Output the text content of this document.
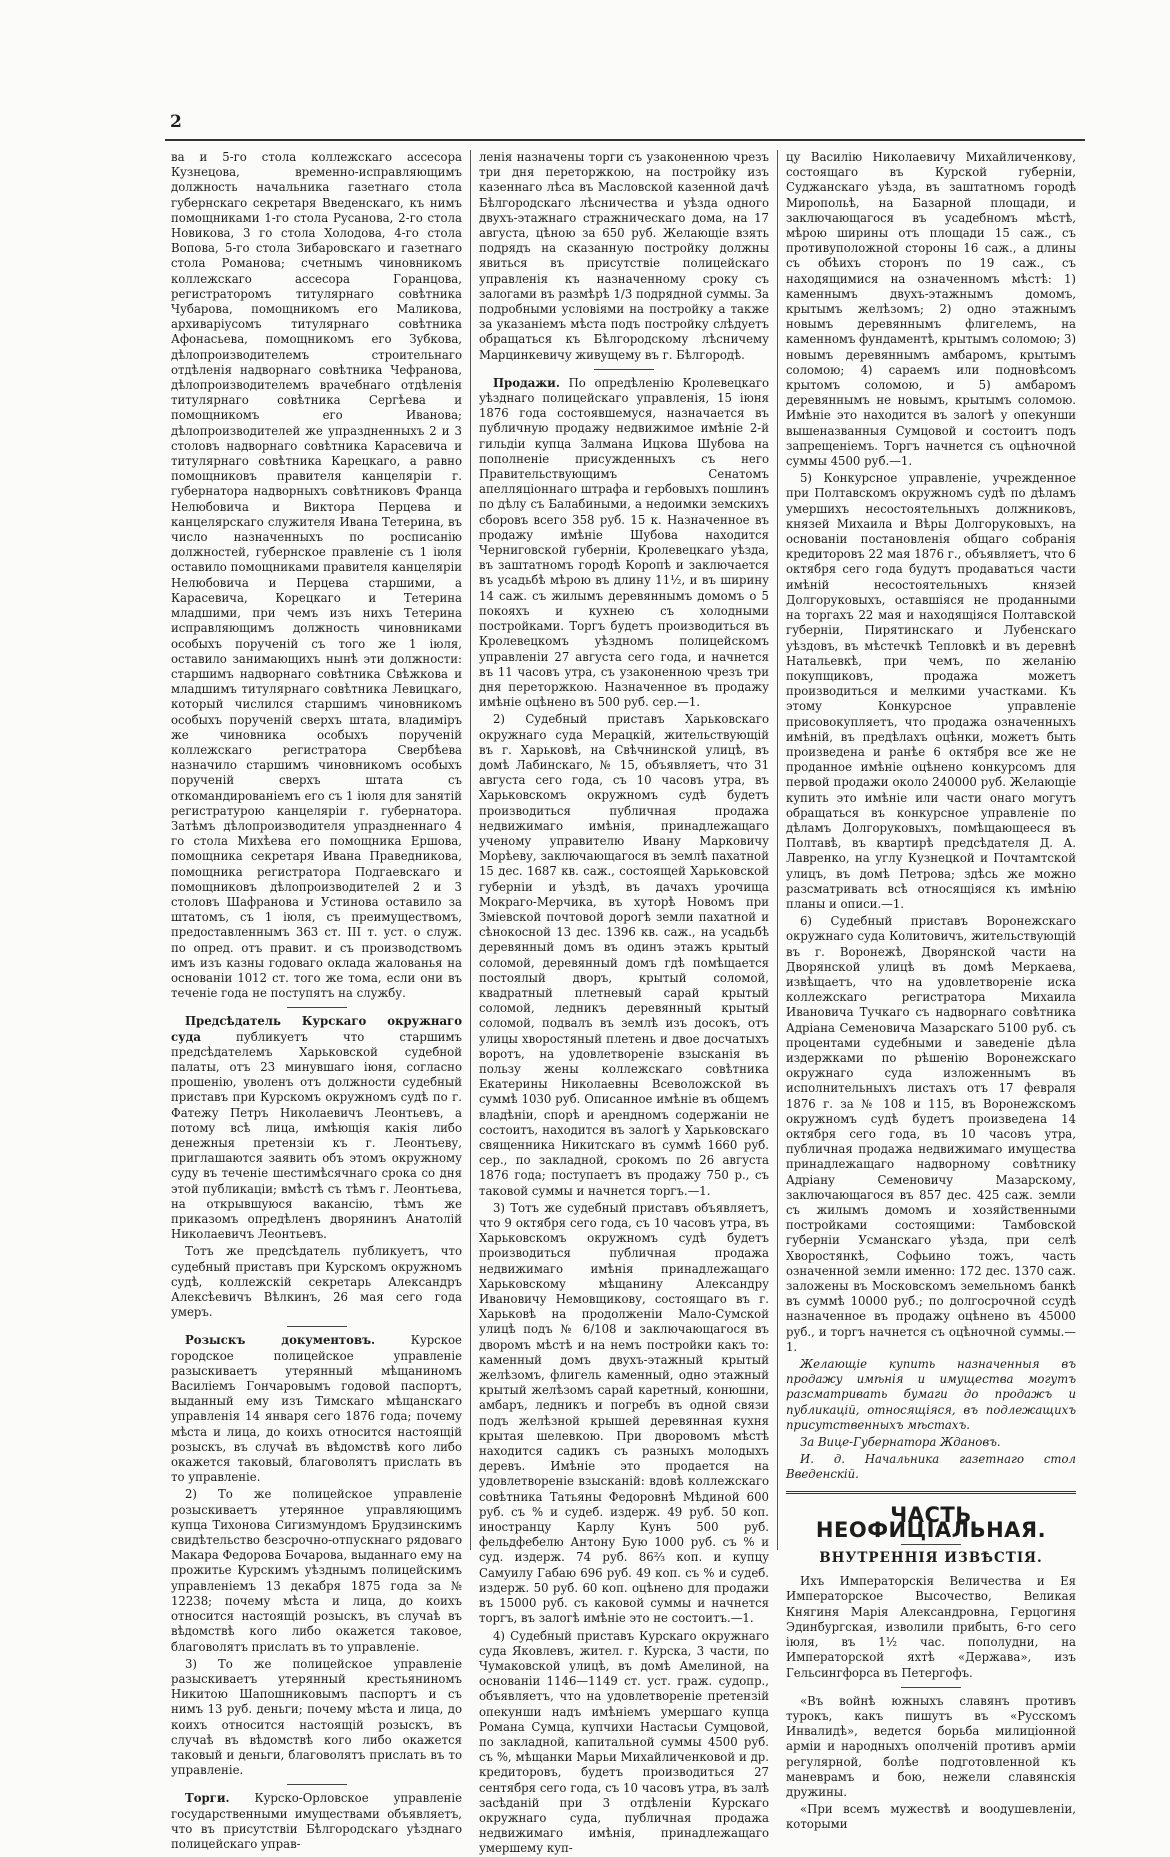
2

ва и 5-го стола коллежскаго ассесора Кузнецова, временно-исправляющимъ должность начальника газетнаго стола губернскаго секретаря Введенскаго, къ нимъ помощниками 1-го стола Русанова, 2-го стола Новикова, 3 го стола Холодова, 4-го стола Вопова, 5-го стола Зибаровскаго и газетнаго стола Романова; счетнымъ чиновникомъ коллежскаго ассесора Горанцова, регистраторомъ титулярнаго совѣтника Чубарова, помощникомъ его Маликова, архиваріусомъ титулярнаго совѣтника Афонасьева, помощникомъ его Зубкова, дѣлопроизводителемъ строительнаго отдѣленія надворнаго совѣтника Чефранова, дѣлопроизводителемъ врачебнаго отдѣленія титулярнаго совѣтника Сергѣева и помощникомъ его Иванова; дѣлопроизводителей же упраздненныхъ 2 и 3 столовъ надворнаго совѣтника Карасевича и титулярнаго совѣтника Карецкаго, а равно помощниковъ правителя канцеляріи г. губернатора надворныхъ совѣтниковъ Франца Нелюбовича и Виктора Перцева и канцелярскаго служителя Ивана Тетерина, въ число назначенныхъ по росписанію должностей, губернское правленіе съ 1 іюля оставило помощниками правителя канцеляріи Нелюбовича и Перцева старшими, а Карасевича, Корецкаго и Тетерина младшими, при чемъ изъ нихъ Тетерина исправляющимъ должность чиновниками особыхъ порученій съ того же 1 іюля, оставило занимающихъ нынѣ эти должности: старшимъ надворнаго совѣтника Свѣжкова и младшимъ титулярнаго совѣтника Левицкаго, который числился старшимъ чиновникомъ особыхъ порученій сверхъ штата, владиміръ же чиновника особыхъ порученій коллежскаго регистратора Свербѣева назначило старшимъ чиновникомъ особыхъ порученій сверхъ штата съ откомандированіемъ его съ 1 іюля для занятій регистратурою канцеляріи г. губернатора. Затѣмъ дѣлопроизводителя упраздненнаго 4 го стола Михѣева его помощника Ершова, помощника секретаря Ивана Праведникова, помощника регистратора Подгаевскаго и помощниковъ дѣлопроизводителей 2 и 3 столовъ Шафранова и Устинова оставило за штатомъ, съ 1 іюля, съ преимуществомъ, предоставленнымъ 363 ст. III т. уст. о служ. по опред. отъ правит. и съ производствомъ имъ изъ казны годоваго оклада жалованья на основаніи 1012 ст. того же тома, если они въ теченіе года не поступятъ на службу.

Предсѣдатель Курскаго окружнаго суда публикуетъ что старшимъ предсѣдателемъ Харьковской судебной палаты, отъ 23 минувшаго іюня, согласно прошенію, уволенъ отъ должности судебный приставъ при Курскомъ окружномъ судѣ по г. Фатежу Петръ Николаевичъ Леонтьевъ, а потому всѣ лица, имѣющія какія либо денежныя претензіи къ г. Леонтьеву, приглашаются заявить объ этомъ окружному суду въ теченіе шестимѣсячнаго срока со дня этой публикаціи; вмѣстѣ съ тѣмъ г. Леонтьева, на открывшуюся вакансію, тѣмъ же приказомъ опредѣленъ дворянинъ Анатолій Николаевичъ Леонтьевъ.

Тотъ же предсѣдатель публикуетъ, что судебный приставъ при Курскомъ окружномъ судѣ, коллежскій секретарь Александръ Алексѣевичъ Вѣлкинъ, 26 мая сего года умеръ.

Розыскъ документовъ. Курское городское полицейское управленіе разыскиваетъ утерянный мѣщаниномъ Василіемъ Гончаровымъ годовой паспортъ, выданный ему изъ Тимскаго мѣщанскаго управленія 14 января сего 1876 года; почему мѣста и лица, до коихъ относится настоящій розыскъ, въ случаѣ въ вѣдомствѣ кого либо окажется таковый, благоволятъ прислать въ то управленіе.

2) То же полицейское управленіе розыскиваетъ утерянное управляющимъ купца Тихонова Сигизмундомъ Брудзинскимъ свидѣтельство безсрочно-отпускнаго рядоваго Макара Федорова Бочарова, выданнаго ему на прожитье Курскимъ уѣзднымъ полицейскимъ управленіемъ 13 декабря 1875 года за № 12238; почему мѣста и лица, до коихъ относится настоящій розыскъ, въ случаѣ въ вѣдомствѣ кого либо окажется таковое, благоволятъ прислать въ то управленіе.

3) То же полицейское управленіе разыскиваетъ утерянный крестьяниномъ Никитою Шапошниковымъ паспортъ и съ нимъ 13 руб. деньги; почему мѣста и лица, до коихъ относится настоящій розыскъ, въ случаѣ въ вѣдомствѣ кого либо окажется таковый и деньги, благоволятъ прислать въ то управленіе.

Торги. Курско-Орловское управленіе государственными имуществами объявляетъ, что въ присутствіи Бѣлгородскаго уѣзднаго полицейскаго управ-

ленія назначены торги съ узаконенною чрезъ три дня переторжкою, на постройку изъ казеннаго лѣса въ Масловской казенной дачѣ Бѣлгородскаго лѣсничества и уѣзда одного двухъ-этажнаго стражническаго дома, на 17 августа, цѣною за 650 руб. Желающіе взять подрядъ на сказанную постройку должны явиться въ присутствіе полицейскаго управленія къ назначенному сроку съ залогами въ размѣрѣ 1/3 подрядной суммы. За подробными условіями на постройку а также за указаніемъ мѣста подъ постройку слѣдуетъ обращаться къ Бѣлгородскому лѣсничему Марцинкевичу живущему въ г. Бѣлгородѣ.

Продажи. По опредѣленію Кролевецкаго уѣзднаго полицейскаго управленія, 15 іюня 1876 года состоявшемуся, назначается въ публичную продажу недвижимое имѣніе 2-й гильдіи купца Залмана Ицкова Шубова на пополненіе присужденныхъ съ него Правительствующимъ Сенатомъ апелляціоннаго штрафа и гербовыхъ пошлинъ по дѣлу съ Балабиными, а недоимки земскихъ сборовъ всего 358 руб. 15 к. Назначенное въ продажу имѣніе Шубова находится Черниговской губерніи, Кролевецкаго уѣзда, въ заштатномъ городѣ Коропѣ и заключается въ усадьбѣ мѣрою въ длину 11½, и въ ширину 14 саж. съ жилымъ деревяннымъ домомъ о 5 покояхъ и кухнею съ холодными постройками. Торгъ будетъ производиться въ Кролевецкомъ уѣздномъ полицейскомъ управленіи 27 августа сего года, и начнется въ 11 часовъ утра, съ узаконенною чрезъ три дня переторжкою. Назначенное въ продажу имѣніе оцѣнено въ 500 руб. сер.—1.

2) Судебный приставъ Харьковскаго окружнаго суда Мерацкій, жительствующій въ г. Харьковѣ, на Свѣчнинской улицѣ, въ домѣ Лабинскаго, № 15, объявляетъ, что 31 августа сего года, съ 10 часовъ утра, въ Харьковскомъ окружномъ судѣ будетъ производиться публичная продажа недвижимаго имѣнія, принадлежащаго ученому управителю Ивану Марковичу Морѣеву, заключающагося въ землѣ пахатной 15 дес. 1687 кв. саж., состоящей Харьковской губерніи и уѣздѣ, въ дачахъ урочища Мокраго-Мерчика, въ хуторѣ Новомъ при Змiевской почтовой дорогѣ земли пахатной и сѣнокосной 13 дес. 1396 кв. саж., на усадьбѣ деревянный домъ въ одинъ этажъ крытый соломой, деревянный домъ гдѣ помѣщается постоялый дворъ, крытый соломой, квадратный плетневый сарай крытый соломой, ледникъ деревянный крытый соломой, подвалъ въ землѣ изъ досокъ, отъ улицы хворостяный плетень и двое досчатыхъ воротъ, на удовлетвореніе взысканія въ пользу жены коллежскаго совѣтника Екатерины Николаевны Всеволожской въ суммѣ 1030 руб. Описанное имѣніе въ общемъ владѣніи, спорѣ и арендномъ содержаніи не состоитъ, находится въ залогѣ у Харьковскаго священника Никитскаго въ суммѣ 1660 руб. сер., по закладной, срокомъ по 26 августа 1876 года; поступаетъ въ продажу 750 р., съ таковой суммы и начнется торгъ.—1.

3) Тотъ же судебный приставъ объявляетъ, что 9 октября сего года, съ 10 часовъ утра, въ Харьковскомъ окружномъ судѣ будетъ производиться публичная продажа недвижимаго имѣнія принадлежащаго Харьковскому мѣщанину Александру Ивановичу Немовщикову, состоящаго въ г. Харьковѣ на продолженіи Мало-Сумской улицѣ подъ № 6/108 и заключающагося въ дворомъ мѣстѣ и на немъ постройки какъ то: каменный домъ двухъ-этажный крытый желѣзомъ, флигель каменный, одно этажный крытый желѣзомъ сарай каретный, конюшни, амбаръ, ледникъ и погребъ въ одной связи подъ желѣзной крышей деревянная кухня крытая шелевкою. При дворовомъ мѣстѣ находится садикъ съ разныхъ молодыхъ деревъ. Имѣніе это продается на удовлетвореніе взысканій: вдовѣ коллежскаго совѣтника Татьяны Федоровнѣ Мѣдиной 600 руб. съ % и судеб. издерж. 49 руб. 50 коп. иностранцу Карлу Кунъ 500 руб. фельдфебелю Антону Бую 1000 руб. съ % и суд. издерж. 74 руб. 86⅔ коп. и купцу Самуилу Габаю 696 руб. 49 коп. съ % и судеб. издерж. 50 руб. 60 коп. оцѣнено для продажи въ 15000 руб. съ каковой суммы и начнется торгъ, въ залогѣ имѣніе это не состоитъ.—1.

4) Судебный приставъ Курскаго окружнаго суда Яковлевъ, жител. г. Курска, 3 части, по Чумаковской улицѣ, въ домѣ Амелиной, на основаніи 1146—1149 ст. уст. граж. судопр., объявляетъ, что на удовлетвореніе претензій опекунши надъ имѣніемъ умершаго купца Романа Сумца, купчихи Настасьи Сумцовой, по закладной, капитальной суммы 4500 руб. съ %, мѣщанки Марьи Михайличенковой и др. кредиторовъ, будетъ производиться 27 сентября сего года, съ 10 часовъ утра, въ залѣ засѣданій при 3 отдѣленіи Курскаго окружнаго суда, публичная продажа недвижимаго имѣнія, принадлежащаго умершему куп-

цу Василію Николаевичу Михайличенкову, состоящаго въ Курской губерніи, Суджанскаго уѣзда, въ заштатномъ городѣ Миропольѣ, на Базарной площади, и заключающагося въ усадебномъ мѣстѣ, мѣрою ширины отъ площади 15 саж., съ противуположной стороны 16 саж., а длины съ обѣихъ сторонъ по 19 саж., съ находящимися на означенномъ мѣстѣ: 1) каменнымъ двухъ-этажнымъ домомъ, крытымъ желѣзомъ; 2) одно этажнымъ новымъ деревяннымъ флигелемъ, на каменномъ фундаментѣ, крытымъ соломою; 3) новымъ деревяннымъ амбаромъ, крытымъ соломою; 4) сараемъ или подновѣсомъ крытомъ соломою, и 5) амбаромъ деревяннымъ не новымъ, крытымъ соломою. Имѣніе это находится въ залогѣ у опекунши вышеназванныя Сумцовой и состоитъ подъ запрещеніемъ. Торгъ начнется съ оцѣночной суммы 4500 руб.—1.

5) Конкурсное управленіе, учрежденное при Полтавскомъ окружномъ судѣ по дѣламъ умершихъ несостоятельныхъ должниковъ, князей Михаила и Вѣры Долгоруковыхъ, на основаніи постановленія общаго собранія кредиторовъ 22 мая 1876 г., объявляетъ, что 6 октября сего года будутъ продаваться части имѣній несостоятельныхъ князей Долгоруковыхъ, оставшіяся не проданными на торгахъ 22 мая и находящіяся Полтавской губерніи, Пирятинскаго и Лубенскаго уѣздовъ, въ мѣстечкѣ Тепловкѣ и въ деревнѣ Натальевкѣ, при чемъ, по желанію покупщиковъ, продажа можетъ производиться и мелкими участками. Къ этому Конкурсное управленіе присовокупляетъ, что продажа означенныхъ имѣній, въ предѣлахъ оцѣнки, можетъ быть произведена и ранѣе 6 октября все же не проданное имѣніе оцѣнено конкурсомъ для первой продажи около 240000 руб. Желающіе купить это имѣніе или части онаго могутъ обращаться въ конкурсное управленіе по дѣламъ Долгоруковыхъ, помѣщающееся въ Полтавѣ, въ квартирѣ предсѣдателя Д. А. Лавренко, на углу Кузнецкой и Почтамтской улицъ, въ домѣ Петрова; здѣсь же можно разсматривать всѣ относящіяся къ имѣнію планы и описи.—1.

6) Судебный приставъ Воронежскаго окружнаго суда Колитовичъ, жительствующій въ г. Воронежѣ, Дворянской части на Дворянской улицѣ въ домѣ Меркаева, извѣщаетъ, что на удовлетвореніе иска коллежскаго регистратора Михаила Ивановича Тучкаго съ надворнаго совѣтника Адріана Семеновича Мазарскаго 5100 руб. съ процентами судебными и заведеніе дѣла издержками по рѣшенію Воронежскаго окружнаго суда изложеннымъ въ исполнительныхъ листахъ отъ 17 февраля 1876 г. за № 108 и 115, въ Воронежскомъ окружномъ судѣ будетъ произведена 14 октября сего года, въ 10 часовъ утра, публичная продажа недвижимаго имущества принадлежащаго надворному совѣтнику Адріану Семеновичу Мазарскому, заключающагося въ 857 дес. 425 саж. земли съ жилымъ домомъ и хозяйственными постройками состоящими: Тамбовской губерніи Усманскаго уѣзда, при селѣ Хворостянкѣ, Софьино тожъ, часть означенной земли именно: 172 дес. 1370 саж. заложены въ Московскомъ земельномъ банкѣ въ суммѣ 10000 руб.; по долгосрочной ссудѣ назначенное въ продажу оцѣнено въ 45000 руб., и торгъ начнется съ оцѣночной суммы.—1.

Желающіе купить назначенныя въ продажу имѣнія и имущества могутъ разсматривать бумаги до продажъ и публикацій, относящіяся, въ подлежащихъ присутственныхъ мѣстахъ.

За Вице-Губернатора Ждановъ.

И. д. Начальника газетнаго стол Введенскій.

ЧАСТЬ НЕОФИЦІАЛЬНАЯ.
ВНУТРЕННІЯ ИЗВѢСТІЯ.

Ихъ Императорскія Величества и Ея Императорское Высочество, Великая Княгиня Марія Александровна, Герцогиня Эдинбургская, изволили прибыть, 6-го сего іюля, въ 1½ час. пополудни, на Императорской яхтѣ «Держава», изъ Гельсингфорса въ Петергофъ.

«Въ войнѣ южныхъ славянъ противъ турокъ, какъ пишутъ въ «Русскомъ Инвалидѣ», ведется борьба милиціонной арміи и народныхъ ополченій противъ арміи регулярной, болѣе подготовленной къ маневрамъ и бою, нежели славянскія дружины.

«При всемъ мужествѣ и воодушевленіи, которыми
